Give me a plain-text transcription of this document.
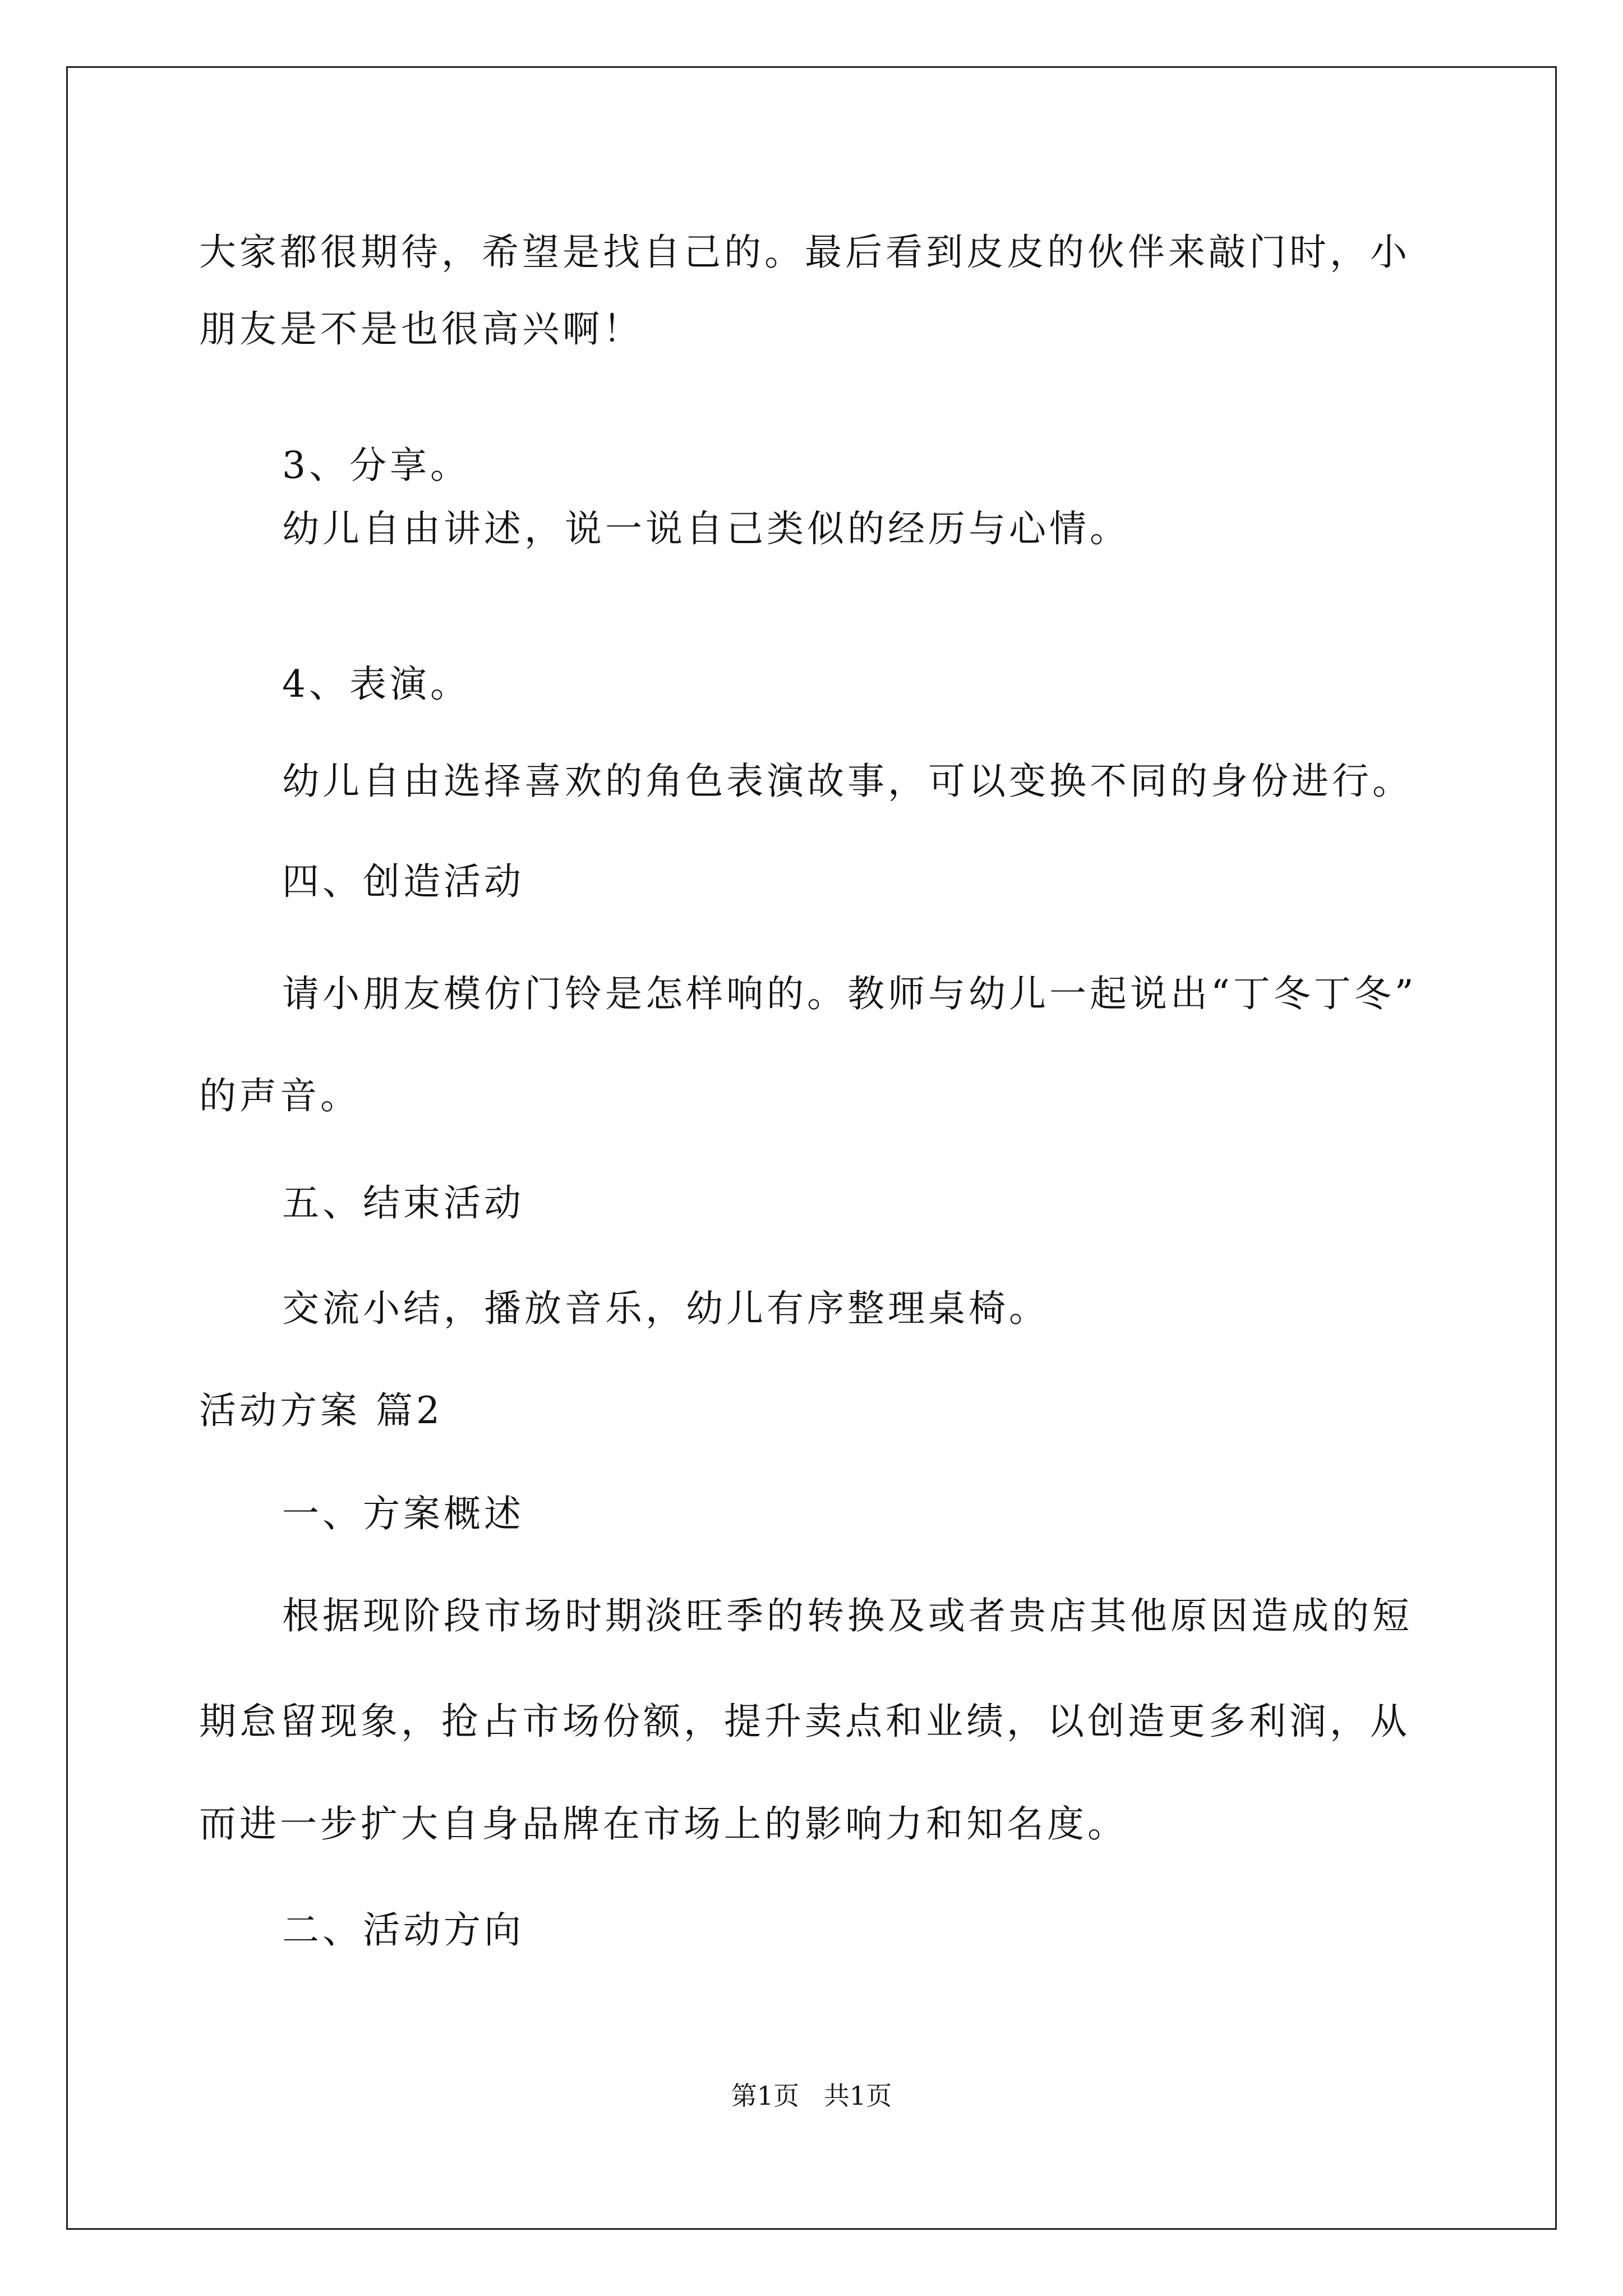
大家都很期待，希望是找自己的。最后看到皮皮的伙伴来敲门时，小
朋友是不是也很高兴啊！
3、分享。
幼儿自由讲述，说一说自己类似的经历与心情。
4、表演。
幼儿自由选择喜欢的角色表演故事，可以变换不同的身份进行。
四、创造活动
请小朋友模仿门铃是怎样响的。教师与幼儿一起说出“丁冬丁冬”
的声音。
五、结束活动
交流小结，播放音乐，幼儿有序整理桌椅。
活动方案 篇2
一、方案概述
根据现阶段市场时期淡旺季的转换及或者贵店其他原因造成的短
期怠留现象，抢占市场份额，提升卖点和业绩，以创造更多利润，从
而进一步扩大自身品牌在市场上的影响力和知名度。
二、活动方向
第1页   共1页
